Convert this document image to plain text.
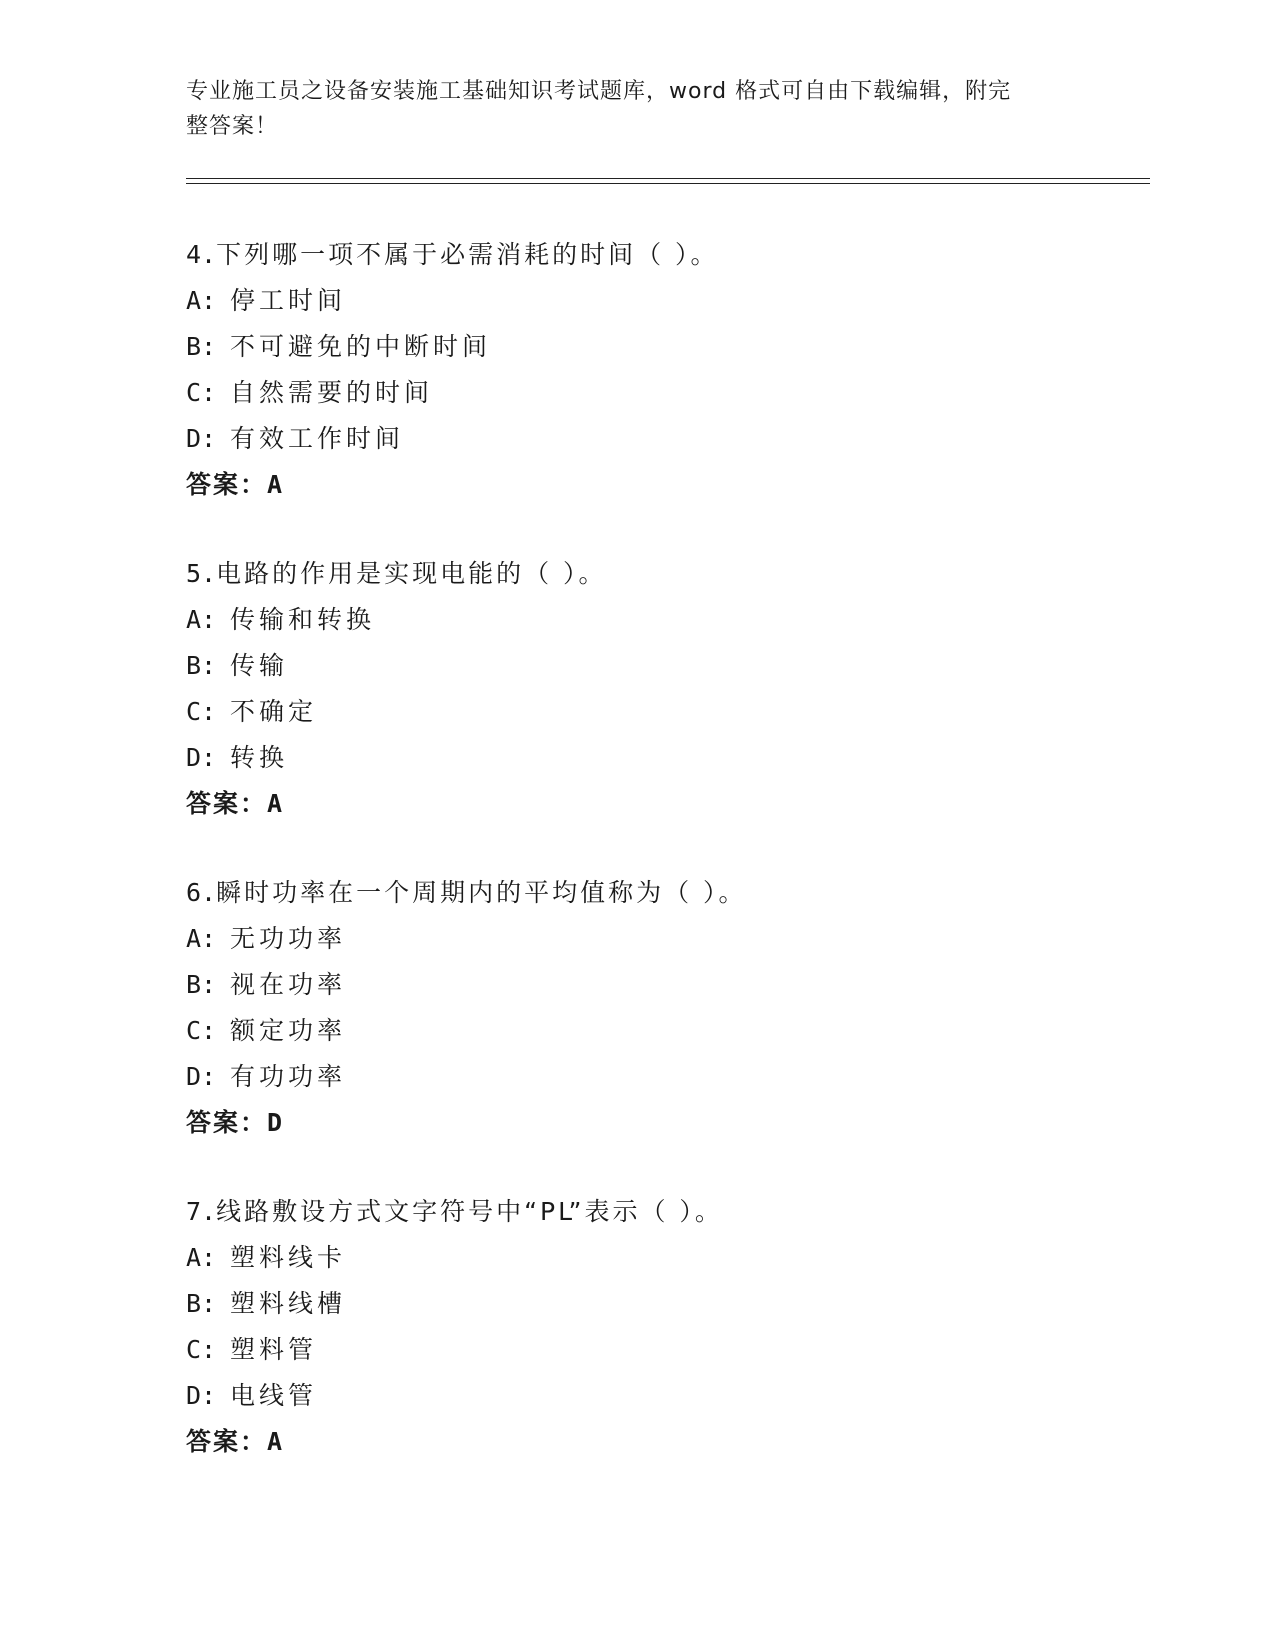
专业施工员之设备安装施工基础知识考试题库，word 格式可自由下载编辑，附完
整答案！
4.下列哪一项不属于必需消耗的时间（ ）。
A: 停工时间
B: 不可避免的中断时间
C: 自然需要的时间
D: 有效工作时间
答案：A
5.电路的作用是实现电能的（ ）。
A: 传输和转换
B: 传输
C: 不确定
D: 转换
答案：A
6.瞬时功率在一个周期内的平均值称为（ ）。
A: 无功功率
B: 视在功率
C: 额定功率
D: 有功功率
答案：D
7.线路敷设方式文字符号中“PL”表示（ ）。
A: 塑料线卡
B: 塑料线槽
C: 塑料管
D: 电线管
答案：A
